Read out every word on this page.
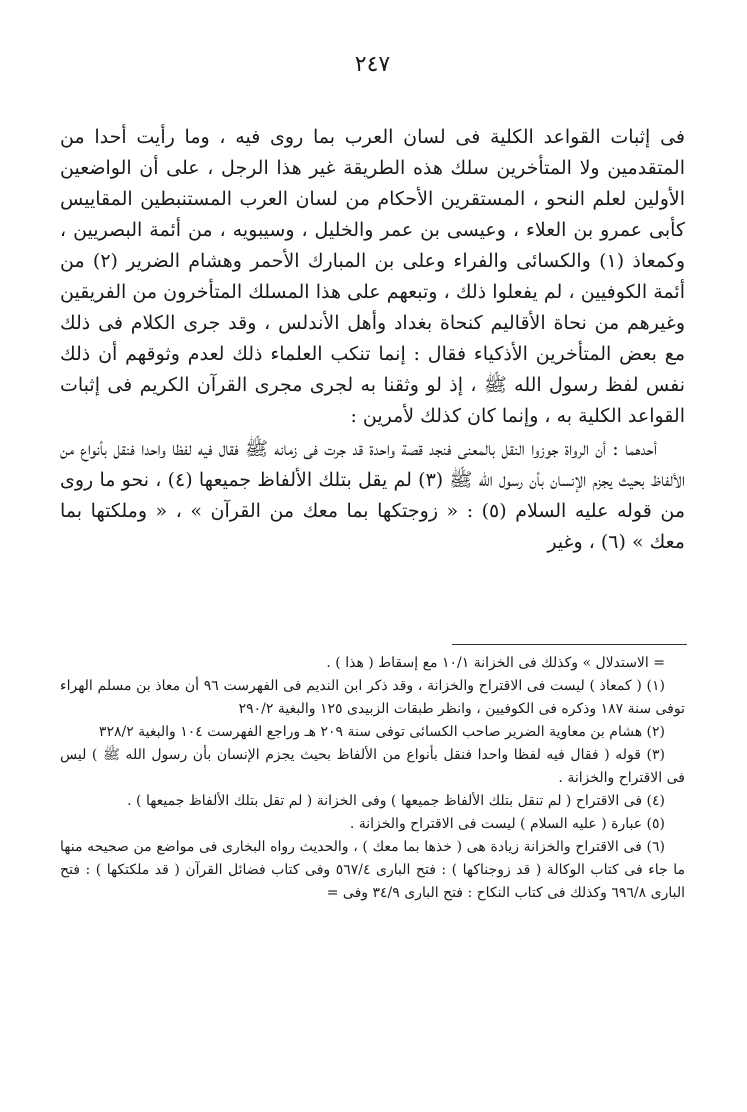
٢٤٧

فى إثبات القواعد الكلية فى لسان العرب بما روى فيه ، وما رأيت أحدا من المتقدمين ولا المتأخرين سلك هذه الطريقة غير هذا الرجل ، على أن الواضعين الأولين لعلم النحو ، المستقرين الأحكام من لسان العرب المستنبطين المقاييس كأبى عمرو بن العلاء ، وعيسى بن عمر والخليل ، وسيبويه ، من أئمة البصريين ، وكمعاذ (١) والكسائى والفراء وعلى بن المبارك الأحمر وهشام الضرير (٢) من أئمة الكوفيين ، لم يفعلوا ذلك ، وتبعهم على هذا المسلك المتأخرون من الفريقين وغيرهم من نحاة الأقاليم كنحاة بغداد وأهل الأندلس ، وقد جرى الكلام فى ذلك مع بعض المتأخرين الأذكياء فقال : إنما تنكب العلماء ذلك لعدم وثوقهم أن ذلك نفس لفظ رسول الله ﷺ ، إذ لو وثقنا به لجرى مجرى القرآن الكريم فى إثبات القواعد الكلية به ، وإنما كان كذلك لأمرين :

أحدهما : أن الرواة جوزوا النقل بالمعنى فنجد قصة واحدة قد جرت فى زمانه ﷺ فقال فيه لفظا واحدا فنقل بأنواع من الألفاظ بحيث يجزم الإنسان بأن رسول الله ﷺ (٣) لم يقل بتلك الألفاظ جميعها (٤) ، نحو ما روى من قوله عليه السلام (٥) : « زوجتكها بما معك من القرآن » ، « وملكتها بما معك » (٦) ، وغير

= الاستدلال » وكذلك فى الخزانة ١٠/١ مع إسقاط ( هذا ) .

(١) ( كمعاذ ) ليست فى الاقتراح والخزانة ، وقد ذكر ابن النديم فى الفهرست ٩٦ أن معاذ بن مسلم الهراء توفى سنة ١٨٧ وذكره فى الكوفيين ، وانظر طبقات الزبيدى ١٢٥ والبغية ٢٩٠/٢

(٢) هشام بن معاوية الضرير صاحب الكسائى توفى سنة ٢٠٩ هـ وراجع الفهرست ١٠٤ والبغية ٣٢٨/٢

(٣) قوله ( فقال فيه لفظا واحدا فنقل بأنواع من الألفاظ بحيث يجزم الإنسان بأن رسول الله ﷺ ) ليس فى الاقتراح والخزانة .

(٤) فى الاقتراح ( لم تنقل بتلك الألفاظ جميعها ) وفى الخزانة ( لم تقل بتلك الألفاظ جميعها ) .

(٥) عبارة ( عليه السلام ) ليست فى الاقتراح والخزانة .

(٦) فى الاقتراح والخزانة زيادة هى ( خذها بما معك ) ، والحديث رواه البخارى فى مواضع من صحيحه منها ما جاء فى كتاب الوكالة ( قد زوجناكها ) : فتح البارى ٥٦٧/٤ وفى كتاب فضائل القرآن ( قد ملكتكها ) : فتح البارى ٦٩٦/٨ وكذلك فى كتاب النكاح : فتح البارى ٣٤/٩ وفى =
